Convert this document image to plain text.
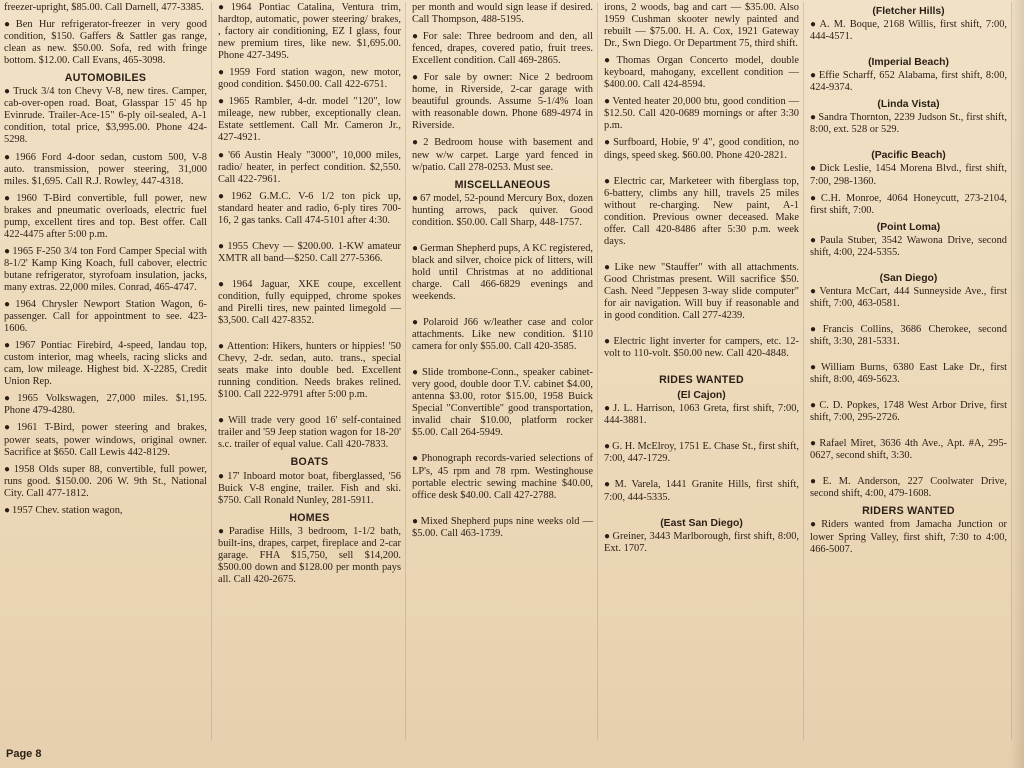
freezer-upright, $85.00. Call Darnell, 477-3385.

● Ben Hur refrigerator-freezer in very good condition, $150. Gaffers & Sattler gas range, clean as new. $50.00. Sofa, red with fringe bottom. $12.00. Call Evans, 465-3098.

AUTOMOBILES

● Truck 3/4 ton Chevy V-8, new tires. Camper, cab-over-open road. Boat, Glasspar 15' 45 hp Evinrude. Trailer-Ace-15" 6-ply oil-sealed, A-1 condition, total price, $3,995.00. Phone 424-5298.

● 1966 Ford 4-door sedan, custom 500, V-8 auto. transmission, power steering, 31,000 miles. $1,695. Call R.J. Rowley, 447-4318.

● 1960 T-Bird convertible, full power, new brakes and pneumatic overloads, electric fuel pump, excellent tires and top. Best offer. Call 422-4475 after 5:00 p.m.

● 1965 F-250 3/4 ton Ford Camper Special with 8-1/2' Kamp King Koach, full cabover, electric butane refrigerator, styrofoam insulation, jacks, many extras. 22,000 miles. Conrad, 465-4747.

● 1964 Chrysler Newport Station Wagon, 6-passenger. Call for appointment to see. 423-1606.

● 1967 Pontiac Firebird, 4-speed, landau top, custom interior, mag wheels, racing slicks and cam, low mileage. Highest bid. X-2285, Credit Union Rep.

● 1965 Volkswagen, 27,000 miles. $1,195. Phone 479-4280.

● 1961 T-Bird, power steering and brakes, power seats, power windows, original owner. Sacrifice at $650. Call Lewis 442-8129.

● 1958 Olds super 88, convertible, full power, runs good. $150.00. 206 W. 9th St., National City. Call 477-1812.

● 1957 Chev. station wagon,

● 1964 Pontiac Catalina, Ventura trim, hardtop, automatic, power steering/ brakes, , factory air conditioning, EZ I glass, four new premium tires, like new. $1,695.00. Phone 427-3495.

● 1959 Ford station wagon, new motor, good condition. $450.00. Call 422-6751.

● 1965 Rambler, 4-dr. model "120", low mileage, new rubber, exceptionally clean. Estate settlement. Call Mr. Cameron Jr., 427-4921.

● '66 Austin Healy "3000", 10,000 miles, radio/ heater, in perfect condition. $2,550. Call 422-7961.

● 1962 G.M.C. V-6 1/2 ton pick up, standard heater and radio, 6-ply tires 700-16, 2 gas tanks. Call 474-5101 after 4:30.

● 1955 Chevy — $200.00. 1-KW amateur XMTR all band—$250. Call 277-5366.

● 1964 Jaguar, XKE coupe, excellent condition, fully equipped, chrome spokes and Pirelli tires, new painted limegold — $3,500. Call 427-8352.

● Attention: Hikers, hunters or hippies! '50 Chevy, 2-dr. sedan, auto. trans., special seats make into double bed. Excellent running condition. Needs brakes relined. $100. Call 222-9791 after 5:00 p.m.

● Will trade very good 16' self-contained trailer and '59 Jeep station wagon for 18-20' s.c. trailer of equal value. Call 420-7833.

BOATS

● 17' Inboard motor boat, fiberglassed, '56 Buick V-8 engine, trailer. Fish and ski. $750. Call Ronald Nunley, 281-5911.

HOMES

● Paradise Hills, 3 bedroom, 1-1/2 bath, built-ins, drapes, carpet, fireplace and 2-car garage. FHA $15,750, sell $14,200. $500.00 down and $128.00 per month pays all. Call 420-2675.

per month and would sign lease if desired. Call Thompson, 488-5195.

● For sale: Three bedroom and den, all fenced, drapes, covered patio, fruit trees. Excellent condition. Call 469-2865.

● For sale by owner: Nice 2 bedroom home, in Riverside, 2-car garage with beautiful grounds. Assume 5-1/4% loan with reasonable down. Phone 689-4974 in Riverside.

● 2 Bedroom house with basement and new w/w carpet. Large yard fenced in w/patio. Call 278-0253. Must see.

MISCELLANEOUS

● 67 model, 52-pound Mercury Box, dozen hunting arrows, pack quiver. Good condition. $50.00. Call Sharp, 448-1757.

● German Shepherd pups, A KC registered, black and silver, choice pick of litters, will hold until Christmas at no additional charge. Call 466-6829 evenings and weekends.

● Polaroid J66 w/leather case and color attachments. Like new condition. $110 camera for only $55.00. Call 420-3585.

● Slide trombone-Conn., speaker cabinet-very good, double door T.V. cabinet $4.00, antenna $3.00, rotor $15.00, 1958 Buick Special "Convertible" good transportation, invalid chair $10.00, platform rocker $5.00. Call 264-5949.

● Phonograph records-varied selections of LP's, 45 rpm and 78 rpm. Westinghouse portable electric sewing machine $40.00, office desk $40.00. Call 427-2788.

● Mixed Shepherd pups nine weeks old — $5.00. Call 463-1739.

irons, 2 woods, bag and cart — $35.00. Also 1959 Cushman skooter newly painted and rebuilt — $75.00. H. A. Cox, 1921 Gateway Dr., Swn Diego. Or Department 75, third shift.

● Thomas Organ Concerto model, double keyboard, mahogany, excellent condition — $400.00. Call 424-8594.

● Vented heater 20,000 btu, good condition — $12.50. Call 420-0689 mornings or after 3:30 p.m.

● Surfboard, Hobie, 9' 4", good condition, no dings, speed skeg. $60.00. Phone 420-2821.

● Electric car, Marketeer with fiberglass top, 6-battery, climbs any hill, travels 25 miles without re-charging. New paint, A-1 condition. Previous owner deceased. Make offer. Call 420-8486 after 5:30 p.m. week days.

● Like new "Stauffer" with all attachments. Good Christmas present. Will sacrifice $50. Cash. Need "Jeppesen 3-way slide computer" for air navigation. Will buy if reasonable and in good condition. Call 277-4239.

● Electric light inverter for campers, etc. 12-volt to 110-volt. $50.00 new. Call 420-4848.

RIDES WANTED
(El Cajon)

● J. L. Harrison, 1063 Greta, first shift, 7:00, 444-3881.

● G. H. McElroy, 1751 E. Chase St., first shift, 7:00, 447-1729.

● M. Varela, 1441 Granite Hills, first shift, 7:00, 444-5335.

(East San Diego)

● Greiner, 3443 Marlborough, first shift, 8:00, Ext. 1707.

(Fletcher Hills)

● A. M. Boque, 2168 Willis, first shift, 7:00, 444-4571.

(Imperial Beach)

● Effie Scharff, 652 Alabama, first shift, 8:00, 424-9374.

(Linda Vista)

● Sandra Thornton, 2239 Judson St., first shift, 8:00, ext. 528 or 529.

(Pacific Beach)

● Dick Leslie, 1454 Morena Blvd., first shift, 7:00, 298-1360.

● C.H. Monroe, 4064 Honeycutt, 273-2104, first shift, 7:00.

(Point Loma)

● Paula Stuber, 3542 Wawona Drive, second shift, 4:00, 224-5355.

(San Diego)

● Ventura McCart, 444 Sunneyside Ave., first shift, 7:00, 463-0581.

● Francis Collins, 3686 Cherokee, second shift, 3:30, 281-5331.

● William Burns, 6380 East Lake Dr., first shift, 8:00, 469-5623.

● C. D. Popkes, 1748 West Arbor Drive, first shift, 7:00, 295-2726.

● Rafael Miret, 3636 4th Ave., Apt. #A, 295-0627, second shift, 3:30.

● E. M. Anderson, 227 Coolwater Drive, second shift, 4:00, 479-1608.

RIDERS WANTED

● Riders wanted from Jamacha Junction or lower Spring Valley, first shift, 7:30 to 4:00, 466-5007.

Page 8
